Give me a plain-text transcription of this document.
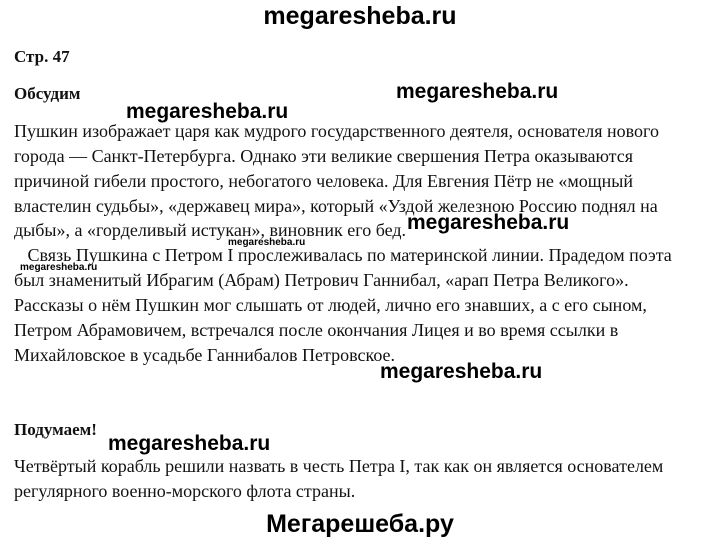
megaresheba.ru
Стр. 47
Обсудим
Пушкин изображает царя как мудрого государственного деятеля, основателя нового
города — Санкт-Петербурга. Однако эти великие свершения Петра оказываются
причиной гибели простого, небогатого человека. Для Евгения Пётр не «мощный
властелин судьбы», «держaвец мира», который «Уздой железною Россию поднял на
дыбы», а «горделивый истукан», виновник его бед.
Связь Пушкина с Петром I прослеживалась по материнской линии. Прадедом поэта
был знаменитый Ибрагим (Абрам) Петрович Ганнибал, «арап Петра Великого».
Рассказы о нём Пушкин мог слышать от людей, лично его знавших, а с его сыном,
Петром Абрамовичем, встречался после окончания Лицея и во время ссылки в
Михайловское в усадьбе Ганнибалов Петровское.
Подумаем!
Четвёртый корабль решили назвать в честь Петра I, так как он является основателем
регулярного военно-морского флота страны.
megaresheba.ru
megaresheba.ru
megaresheba.ru
megaresheba.ru
megaresheba.ru
megaresheba.ru
megaresheba.ru
Мегарешеба.ру
